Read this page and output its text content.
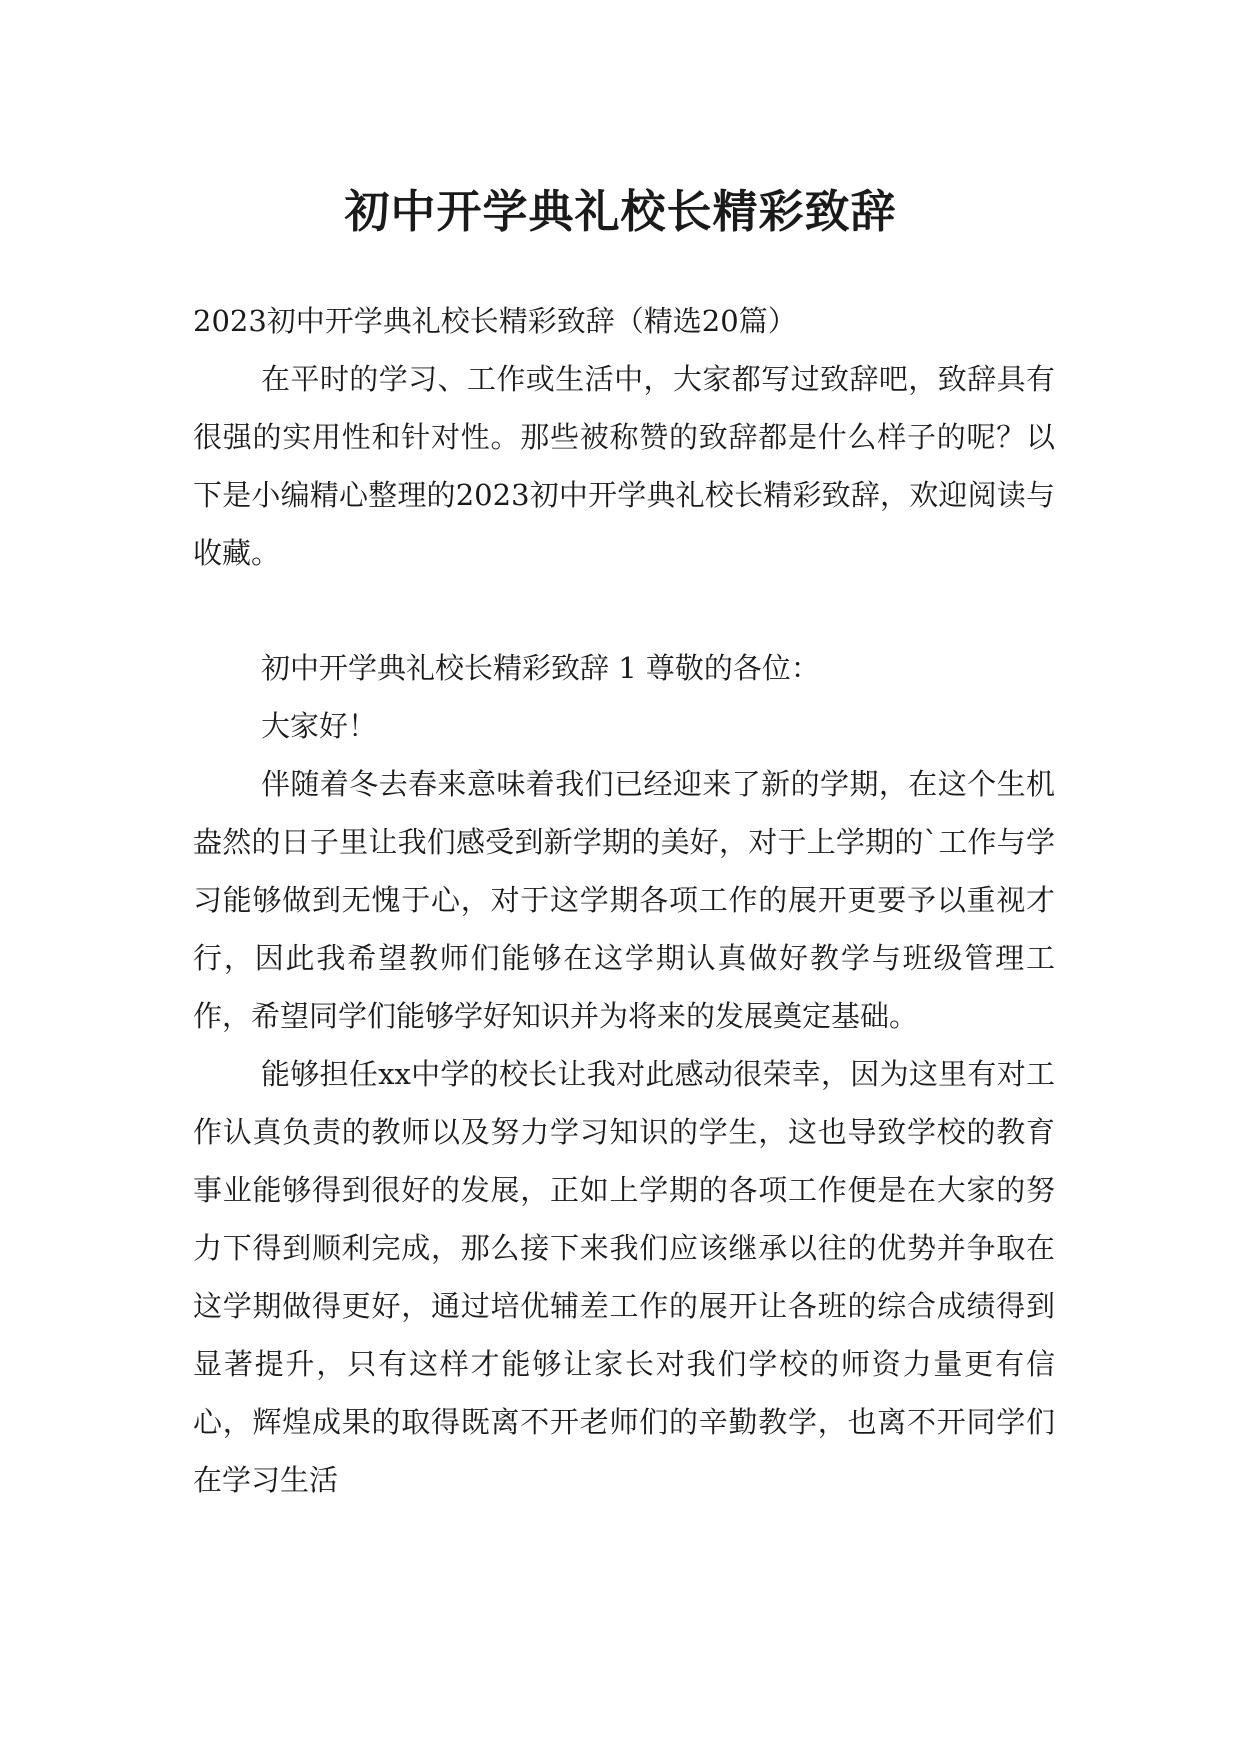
初中开学典礼校长精彩致辞

2023初中开学典礼校长精彩致辞（精选20篇）

在平时的学习、工作或生活中，大家都写过致辞吧，致辞具有很强的实用性和针对性。那些被称赞的致辞都是什么样子的呢？以下是小编精心整理的2023初中开学典礼校长精彩致辞，欢迎阅读与收藏。

初中开学典礼校长精彩致辞 1 尊敬的各位：

大家好！

伴随着冬去春来意味着我们已经迎来了新的学期，在这个生机盎然的日子里让我们感受到新学期的美好，对于上学期的`工作与学习能够做到无愧于心，对于这学期各项工作的展开更要予以重视才行，因此我希望教师们能够在这学期认真做好教学与班级管理工作，希望同学们能够学好知识并为将来的发展奠定基础。

能够担任xx中学的校长让我对此感动很荣幸，因为这里有对工作认真负责的教师以及努力学习知识的学生，这也导致学校的教育事业能够得到很好的发展，正如上学期的各项工作便是在大家的努力下得到顺利完成，那么接下来我们应该继承以往的优势并争取在这学期做得更好，通过培优辅差工作的展开让各班的综合成绩得到显著提升，只有这样才能够让家长对我们学校的师资力量更有信心，辉煌成果的取得既离不开老师们的辛勤教学，也离不开同学们在学习生活
